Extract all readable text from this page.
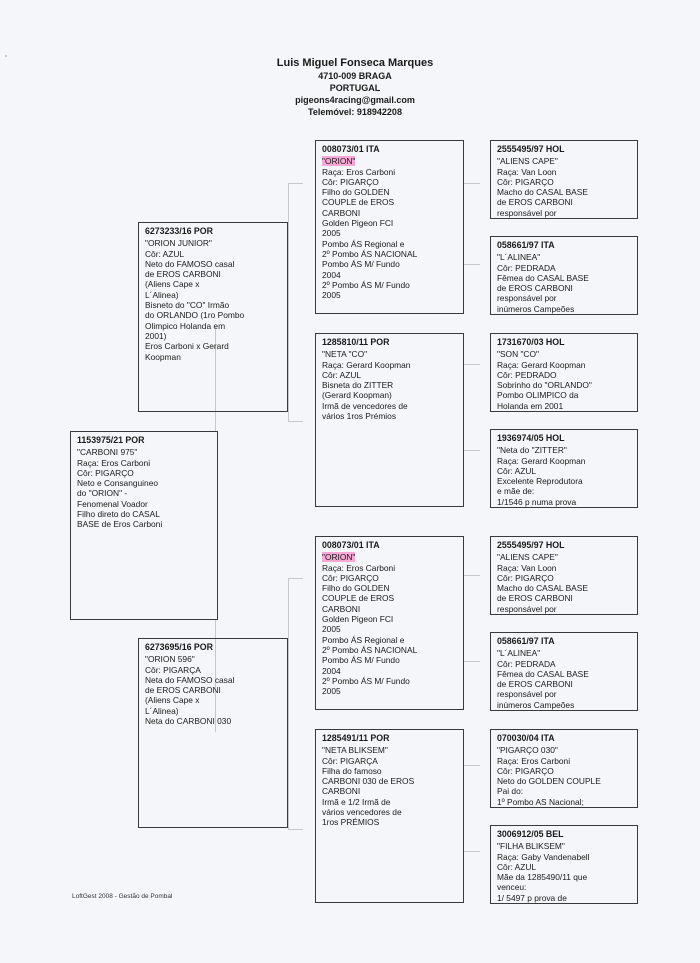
Luis Miguel Fonseca Marques
4710-009 BRAGA
PORTUGAL
pigeons4racing@gmail.com
Telemóvel: 918942208
1153975/21 POR
"CARBONI 975"
Raça: Eros Carboni
Côr: PIGARÇO
Neto e Consanguineo
do "ORION" -
Fenomenal Voador
Filho direto do CASAL
BASE de Eros Carboni
6273233/16 POR
"ORION JUNIOR"
Côr: AZUL
Neto do FAMOSO casal
de EROS CARBONI
(Aliens Cape x
L´Alinea)
Bisneto do "CO" Irmão
do ORLANDO (1ro Pombo
Olimpico Holanda em
2001)
Eros Carboni x Gerard
Koopman
6273695/16 POR
"ORION 596"
Côr: PIGARÇA
Neta do FAMOSO casal
de EROS CARBONI
(Aliens Cape x
L´Alinea)
Neta do CARBONI 030
008073/01 ITA
"ORION"
Raça: Eros Carboni
Côr: PIGARÇO
Filho do GOLDEN
COUPLE de EROS
CARBONI
Golden Pigeon FCI
2005
Pombo ÁS Regional e
2º Pombo ÁS NACIONAL
Pombo ÁS M/ Fundo
2004
2º Pombo ÁS M/ Fundo
2005
1285810/11 POR
"NETA "CO"
Raça: Gerard Koopman
Côr: AZUL
Bisneta do ZITTER
(Gerard Koopman)
Irmã de vencedores de
vários 1ros Prémios
008073/01 ITA
"ORION"
Raça: Eros Carboni
Côr: PIGARÇO
Filho do GOLDEN
COUPLE de EROS
CARBONI
Golden Pigeon FCI
2005
Pombo ÁS Regional e
2º Pombo ÁS NACIONAL
Pombo ÁS M/ Fundo
2004
2º Pombo ÁS M/ Fundo
2005
1285491/11 POR
"NETA BLIKSEM"
Côr: PIGARÇA
Filha do famoso
CARBONI 030 de EROS
CARBONI
Irmã e 1/2 Irmã de
vários vencedores de
1ros PRÉMIOS
2555495/97 HOL
"ALIENS CAPE"
Raça: Van Loon
Côr: PIGARÇO
Macho do CASAL BASE
de EROS CARBONI
responsável por
058661/97 ITA
"L´ALINEA"
Côr: PEDRADA
Fêmea do CASAL BASE
de EROS CARBONI
responsável por
inúmeros Campeões
1731670/03 HOL
"SON "CO"
Raça: Gerard Koopman
Côr: PEDRADO
Sobrinho do "ORLANDO"
Pombo OLIMPICO da
Holanda em 2001
1936974/05 HOL
"Neta do "ZITTER"
Raça: Gerard Koopman
Côr: AZUL
Excelente Reprodutora
e mãe de:
1/1546 p numa prova
2555495/97 HOL
"ALIENS CAPE"
Raça: Van Loon
Côr: PIGARÇO
Macho do CASAL BASE
de EROS CARBONI
responsável por
058661/97 ITA
"L´ALINEA"
Côr: PEDRADA
Fêmea do CASAL BASE
de EROS CARBONI
responsável por
inúmeros Campeões
070030/04 ITA
"PIGARÇO 030"
Raça: Eros Carboni
Côr: PIGARÇO
Neto do GOLDEN COUPLE
Pai do:
1º Pombo AS Nacional;
3006912/05 BEL
"FILHA BLIKSEM"
Raça: Gaby Vandenabell
Côr: AZUL
Mãe da 1285490/11 que
venceu:
1/ 5497 p prova de
LoftGest 2008 - Gestão de Pombal
